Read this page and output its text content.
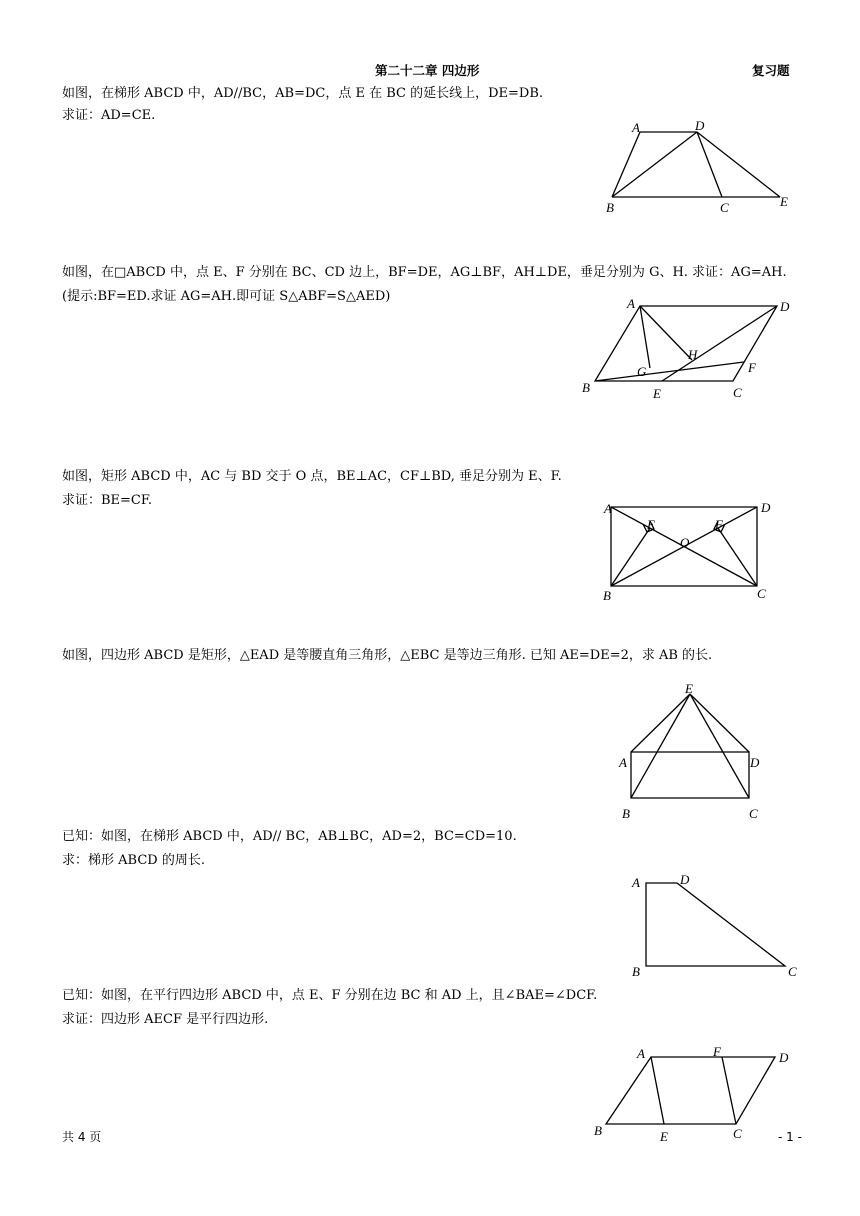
第二十二章 四边形	复习题
如图，在梯形 ABCD 中，AD//BC，AB=DC，点 E 在 BC 的延长线上，DE=DB.
求证：AD=CE.
A	D
B	C	E
如图，在□ABCD 中，点 E、F 分别在 BC、CD 边上，BF=DE，AG⊥BF，AH⊥DE，垂足分别为 G、H. 求证：AG=AH.
(提示:BF=ED.求证 AG=AH.即可证 S△ABF=S△AED)	A	D
H
F
G
B	E	C
如图，矩形 ABCD 中，AC 与 BD 交于 O 点，BE⊥AC，CF⊥BD, 垂足分别为 E、F.
求证：BE=CF.
A
E	F
D
O
B	C
如图，四边形 ABCD 是矩形，△EAD 是等腰直角三角形，△EBC 是等边三角形. 已知 AE=DE=2，求 AB 的长.
E
A	D
B	C
已知：如图，在梯形 ABCD 中，AD// BC，AB⊥BC，AD=2，BC=CD=10.
求：梯形 ABCD 的周长.
A	D
B	C
已知：如图，在平行四边形 ABCD 中，点 E、F 分别在边 BC 和 AD 上，且∠BAE=∠DCF.
求证：四边形 AECF 是平行四边形.
A	F	D
B	E	C
共 4 页	- 1 -
